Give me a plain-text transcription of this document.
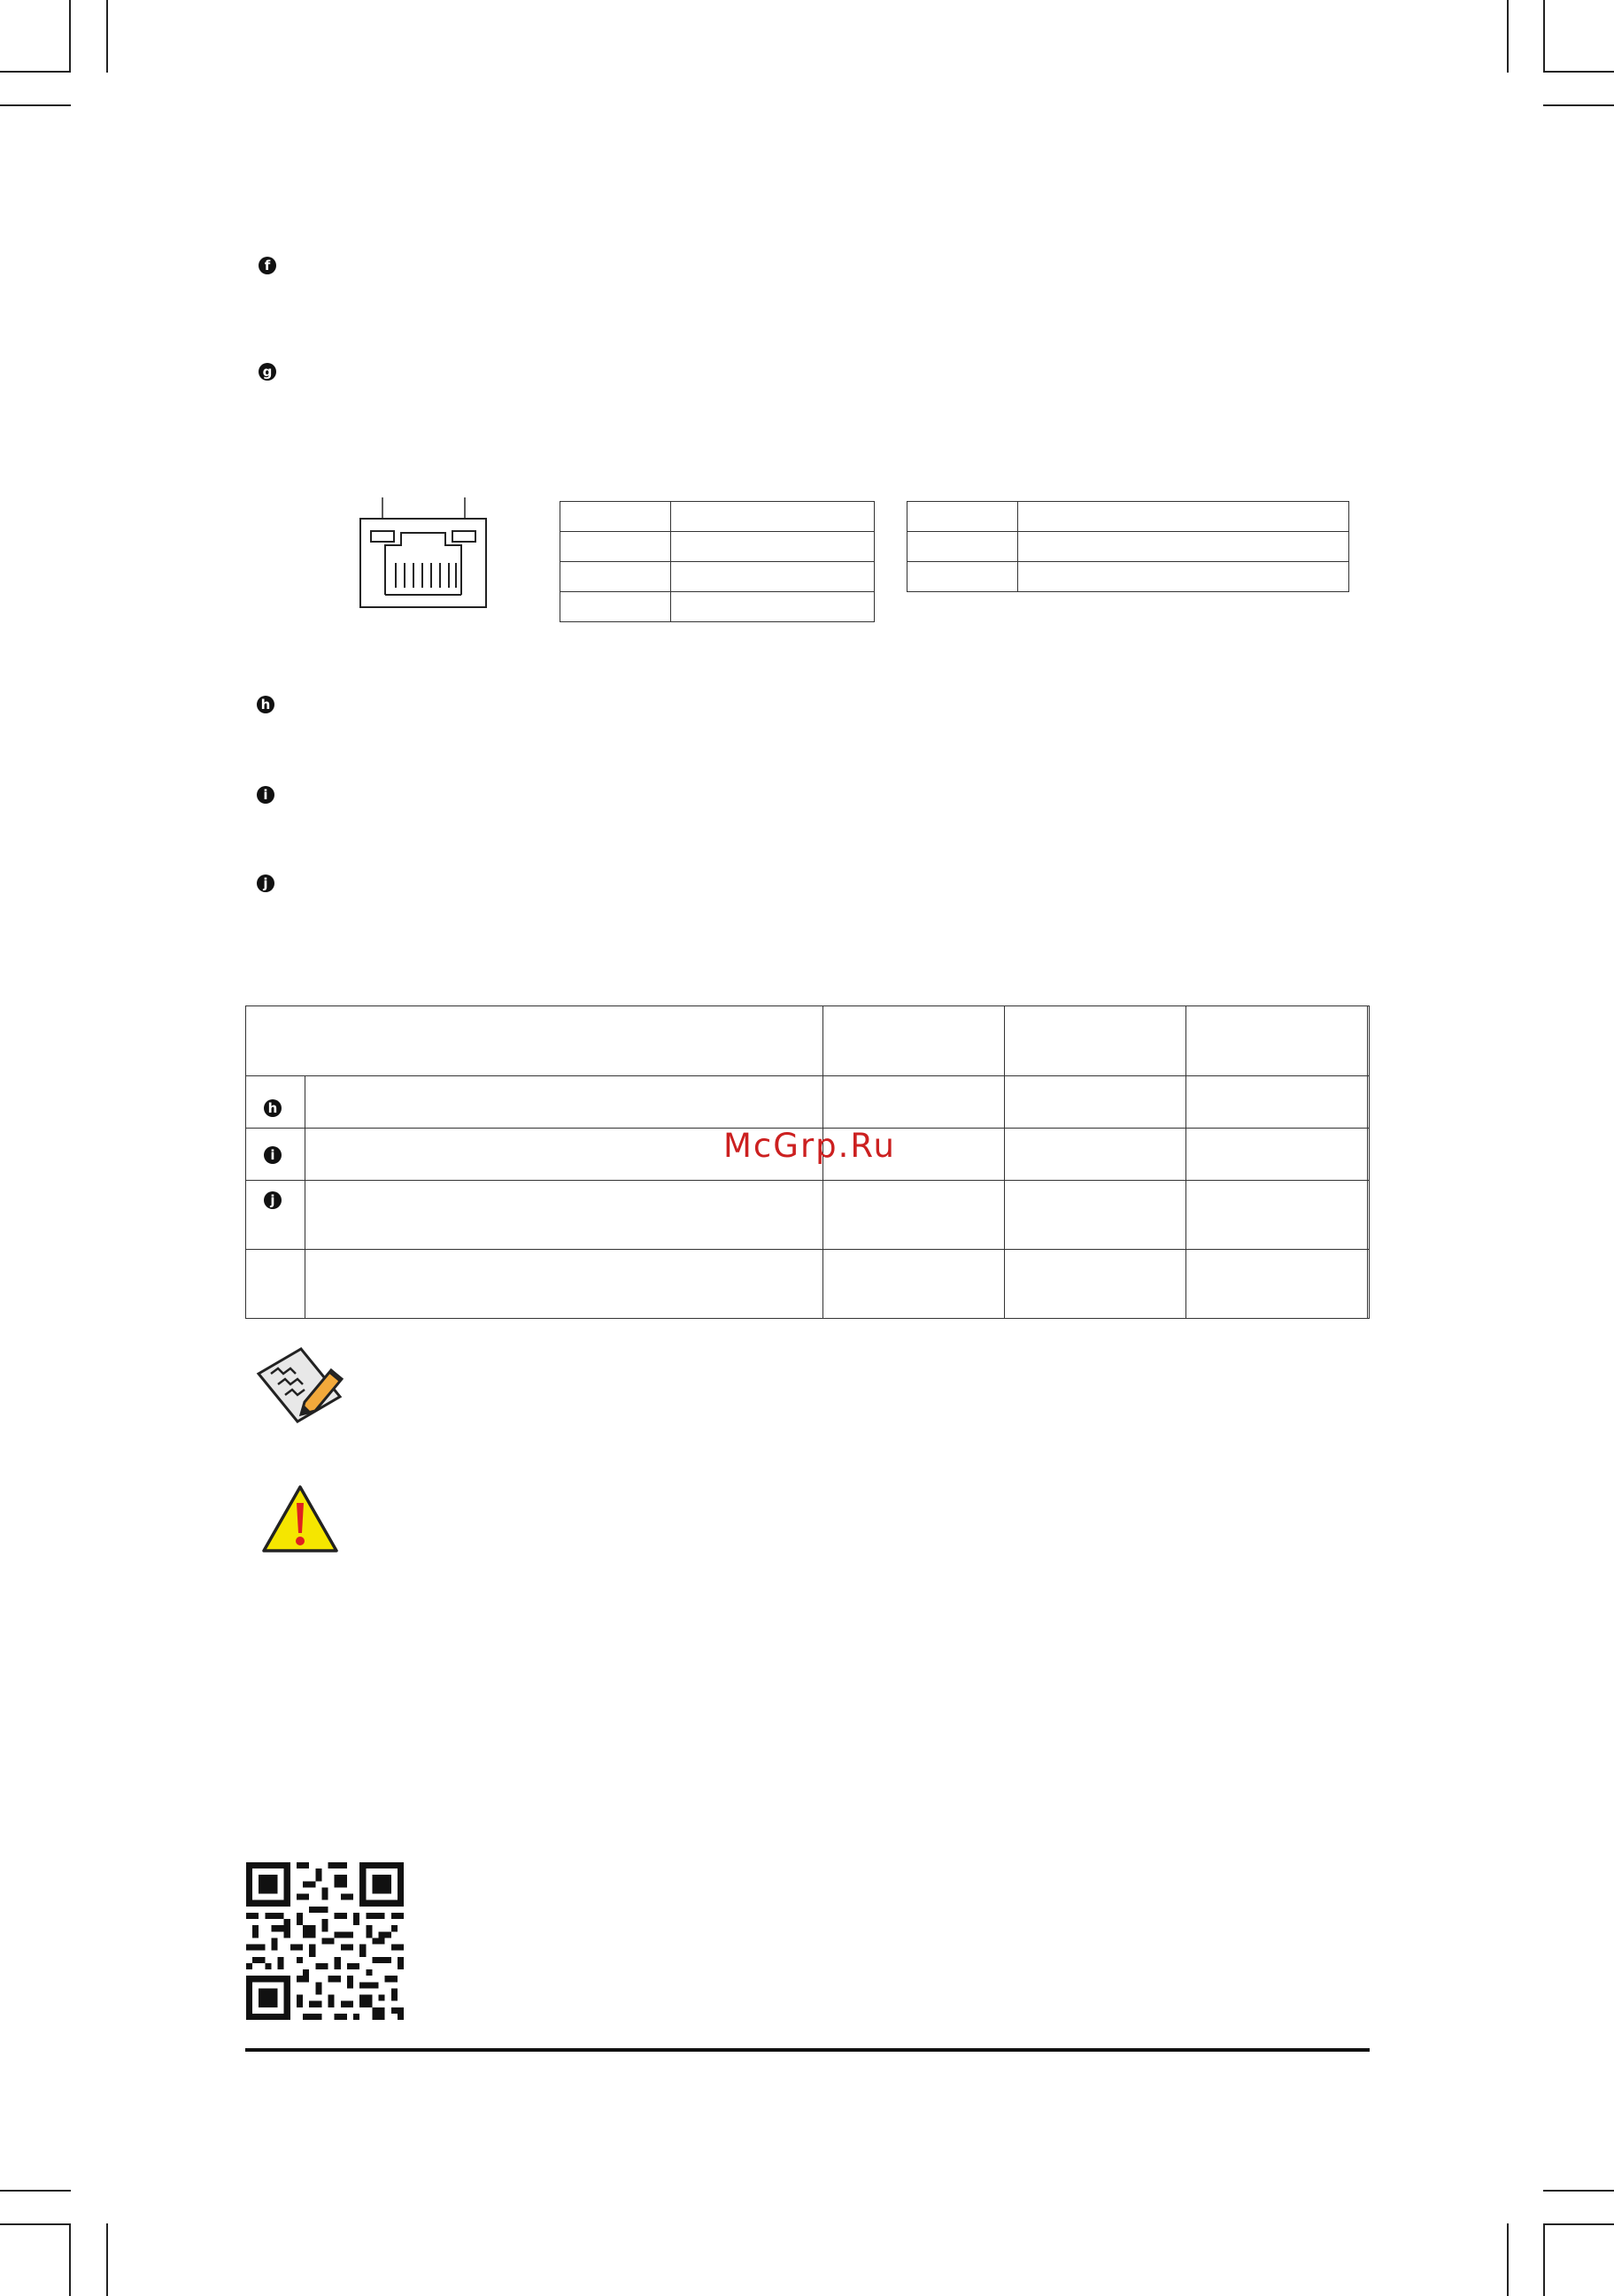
f
g

h
i
j

h					

i					

j					

McGrp.Ru
